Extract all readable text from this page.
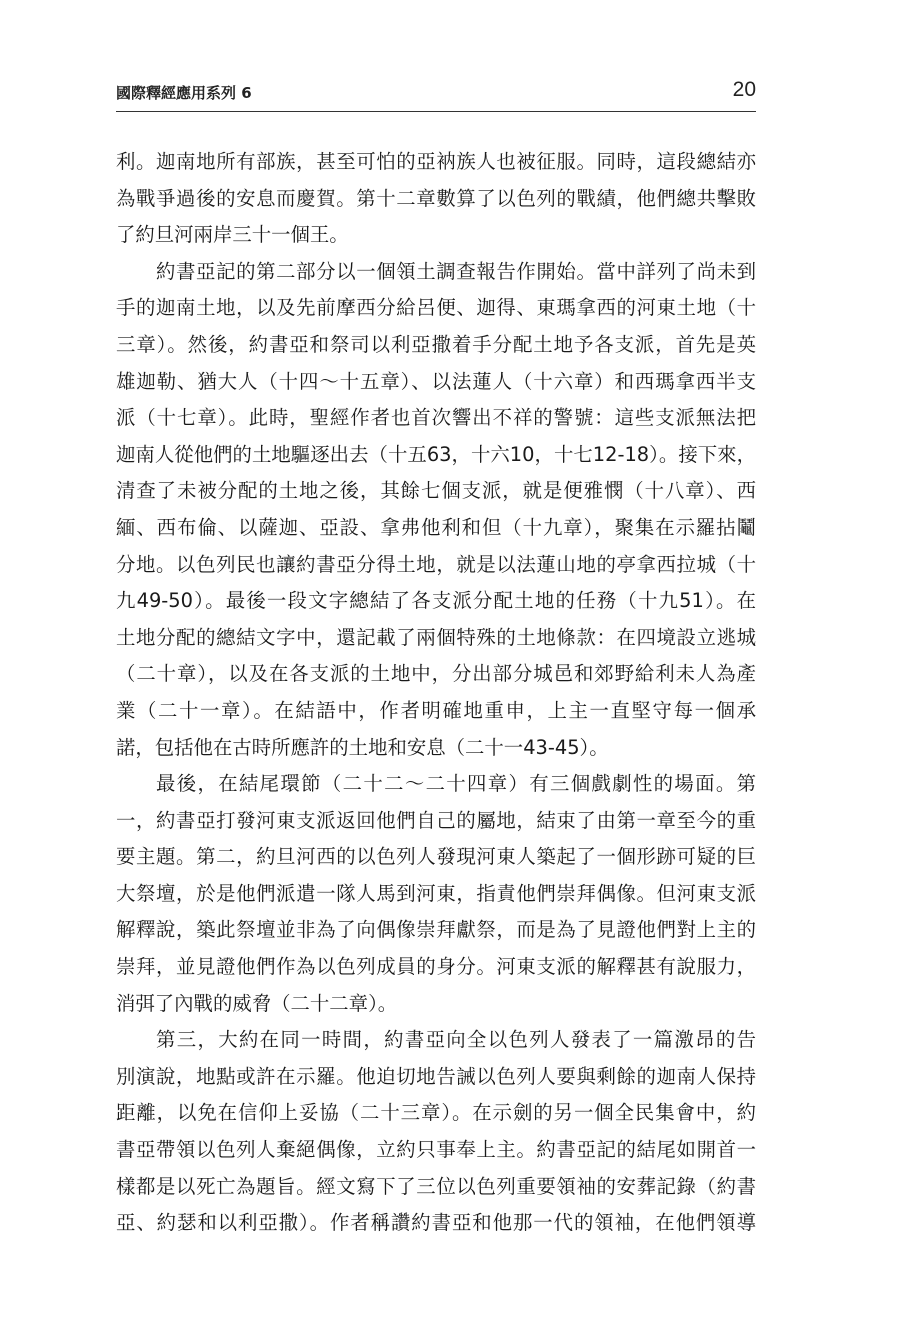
國際釋經應用系列 6	20
利。迦南地所有部族，甚至可怕的亞衲族人也被征服。同時，這段總結亦
為戰爭過後的安息而慶賀。第十二章數算了以色列的戰績，他們總共擊敗
了約旦河兩岸三十一個王。
約書亞記的第二部分以一個領土調查報告作開始。當中詳列了尚未到
手的迦南土地，以及先前摩西分給呂便、迦得、東瑪拿西的河東土地（十
三章）。然後，約書亞和祭司以利亞撒着手分配土地予各支派，首先是英
雄迦勒、猶大人（十四～十五章）、以法蓮人（十六章）和西瑪拿西半支
派（十七章）。此時，聖經作者也首次響出不祥的警號：這些支派無法把
迦南人從他們的土地驅逐出去（十五63，十六10，十七12-18）。接下來，
清查了未被分配的土地之後，其餘七個支派，就是便雅憫（十八章）、西
緬、西布倫、以薩迦、亞設、拿弗他利和但（十九章），聚集在示羅拈鬮
分地。以色列民也讓約書亞分得土地，就是以法蓮山地的亭拿西拉城（十
九49-50）。最後一段文字總結了各支派分配土地的任務（十九51）。在
土地分配的總結文字中，還記載了兩個特殊的土地條款：在四境設立逃城
（二十章），以及在各支派的土地中，分出部分城邑和郊野給利未人為產
業（二十一章）。在結語中，作者明確地重申，上主一直堅守每一個承
諾，包括他在古時所應許的土地和安息（二十一43-45）。
最後，在結尾環節（二十二～二十四章）有三個戲劇性的場面。第
一，約書亞打發河東支派返回他們自己的屬地，結束了由第一章至今的重
要主題。第二，約旦河西的以色列人發現河東人築起了一個形跡可疑的巨
大祭壇，於是他們派遣一隊人馬到河東，指責他們崇拜偶像。但河東支派
解釋說，築此祭壇並非為了向偶像崇拜獻祭，而是為了見證他們對上主的
崇拜，並見證他們作為以色列成員的身分。河東支派的解釋甚有說服力，
消弭了內戰的威脅（二十二章）。
第三，大約在同一時間，約書亞向全以色列人發表了一篇激昂的告
別演說，地點或許在示羅。他迫切地告誡以色列人要與剩餘的迦南人保持
距離，以免在信仰上妥協（二十三章）。在示劍的另一個全民集會中，約
書亞帶領以色列人棄絕偶像，立約只事奉上主。約書亞記的結尾如開首一
樣都是以死亡為題旨。經文寫下了三位以色列重要領袖的安葬記錄（約書
亞、約瑟和以利亞撒）。作者稱讚約書亞和他那一代的領袖，在他們領導
